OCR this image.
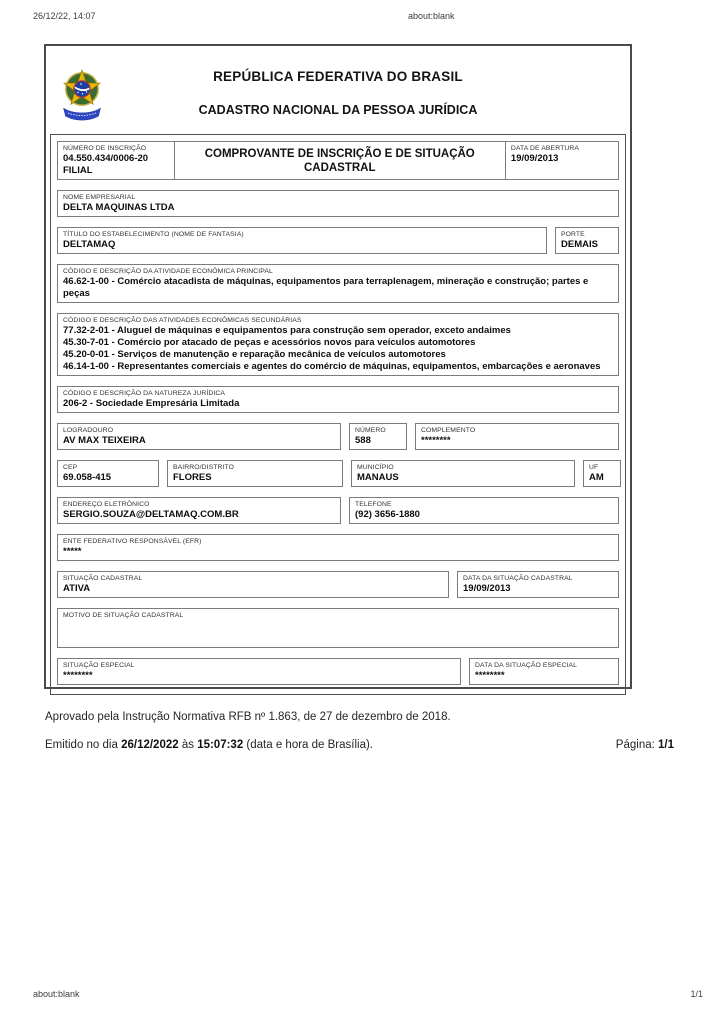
26/12/22, 14:07	about:blank
REPÚBLICA FEDERATIVA DO BRASIL
CADASTRO NACIONAL DA PESSOA JURÍDICA
NÚMERO DE INSCRIÇÃO
04.550.434/0006-20
FILIAL
COMPROVANTE DE INSCRIÇÃO E DE SITUAÇÃO CADASTRAL
DATA DE ABERTURA
19/09/2013
NOME EMPRESARIAL
DELTA MAQUINAS LTDA
TÍTULO DO ESTABELECIMENTO (NOME DE FANTASIA)
DELTAMAQ
PORTE
DEMAIS
CÓDIGO E DESCRIÇÃO DA ATIVIDADE ECONÔMICA PRINCIPAL
46.62-1-00 - Comércio atacadista de máquinas, equipamentos para terraplenagem, mineração e construção; partes e peças
CÓDIGO E DESCRIÇÃO DAS ATIVIDADES ECONÔMICAS SECUNDÁRIAS
77.32-2-01 - Aluguel de máquinas e equipamentos para construção sem operador, exceto andaimes
45.30-7-01 - Comércio por atacado de peças e acessórios novos para veículos automotores
45.20-0-01 - Serviços de manutenção e reparação mecânica de veículos automotores
46.14-1-00 - Representantes comerciais e agentes do comércio de máquinas, equipamentos, embarcações e aeronaves
CÓDIGO E DESCRIÇÃO DA NATUREZA JURÍDICA
206-2 - Sociedade Empresária Limitada
LOGRADOURO
AV MAX TEIXEIRA
NÚMERO
588
COMPLEMENTO
********
CEP
69.058-415
BAIRRO/DISTRITO
FLORES
MUNICÍPIO
MANAUS
UF
AM
ENDEREÇO ELETRÔNICO
SERGIO.SOUZA@DELTAMAQ.COM.BR
TELEFONE
(92) 3656-1880
ENTE FEDERATIVO RESPONSÁVEL (EFR)
*****
SITUAÇÃO CADASTRAL
ATIVA
DATA DA SITUAÇÃO CADASTRAL
19/09/2013
MOTIVO DE SITUAÇÃO CADASTRAL
SITUAÇÃO ESPECIAL
********
DATA DA SITUAÇÃO ESPECIAL
********
Aprovado pela Instrução Normativa RFB nº 1.863, de 27 de dezembro de 2018.
Emitido no dia 26/12/2022 às 15:07:32 (data e hora de Brasília).	Página: 1/1
about:blank	1/1
